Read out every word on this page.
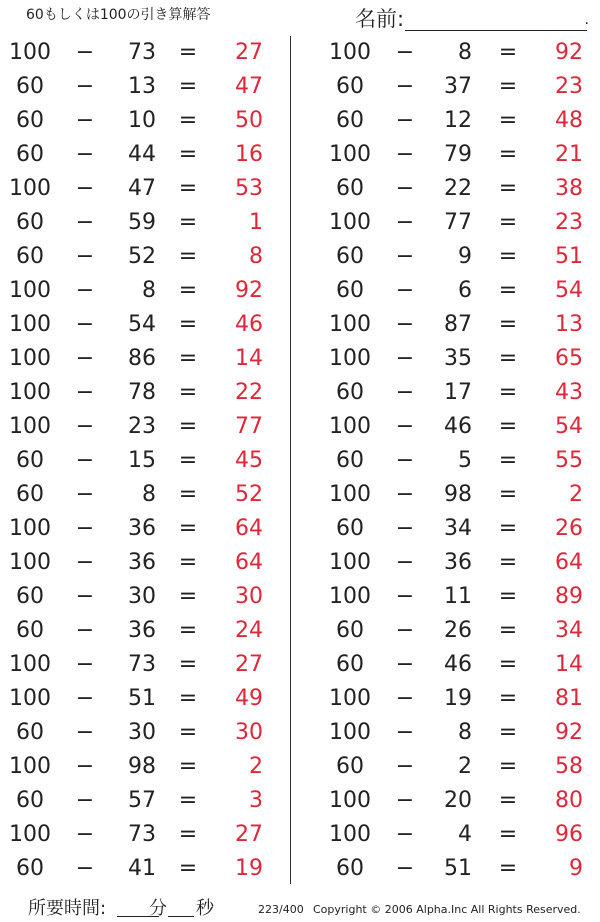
60もしくは100の引き算解答	名前:	.
100 −	73 =	27
60	−	13 =	47
60	−	10 =	50
60	−	44 =	16
100 −	47 =	53
60	−	59 =	1
60	−	52 =	8
100 −	8 =	92
100 −	54 =	46
100 −	86 =	14
100 −	78 =	22
100 −	23 =	77
60	−	15 =	45
60	−	8 =	52
100 −	36 =	64
100 −	36 =	64
60	−	30 =	30
60	−	36 =	24
100 −	73 =	27
100 −	51 =	49
60	−	30 =	30
100 −	98 =	2
60	−	57 =	3
100 −	73 =	27
60	−	41 =	19
100 −	8 =	92
60	−	37 =	23
60	−	12 =	48
100 −	79 =	21
60	−	22 =	38
100 −	77 =	23
60	−	9 =	51
60	−	6 =	54
100 −	87 =	13
100 −	35 =	65
60	−	17 =	43
100 −	46 =	54
60	−	5 =	55
100 −	98 =	2
60	−	34 =	26
100 −	36 =	64
100 −	11 =	89
60	−	26 =	34
60	−	46 =	14
100 −	19 =	81
100 −	8 =	92
60	−	2 =	58
100 −	20 =	80
100 −	4 =	96
60	−	51 =	9
所要時間: 分 秒	223/400 Copyright © 2006 Alpha.Inc All Rights Reserved.
